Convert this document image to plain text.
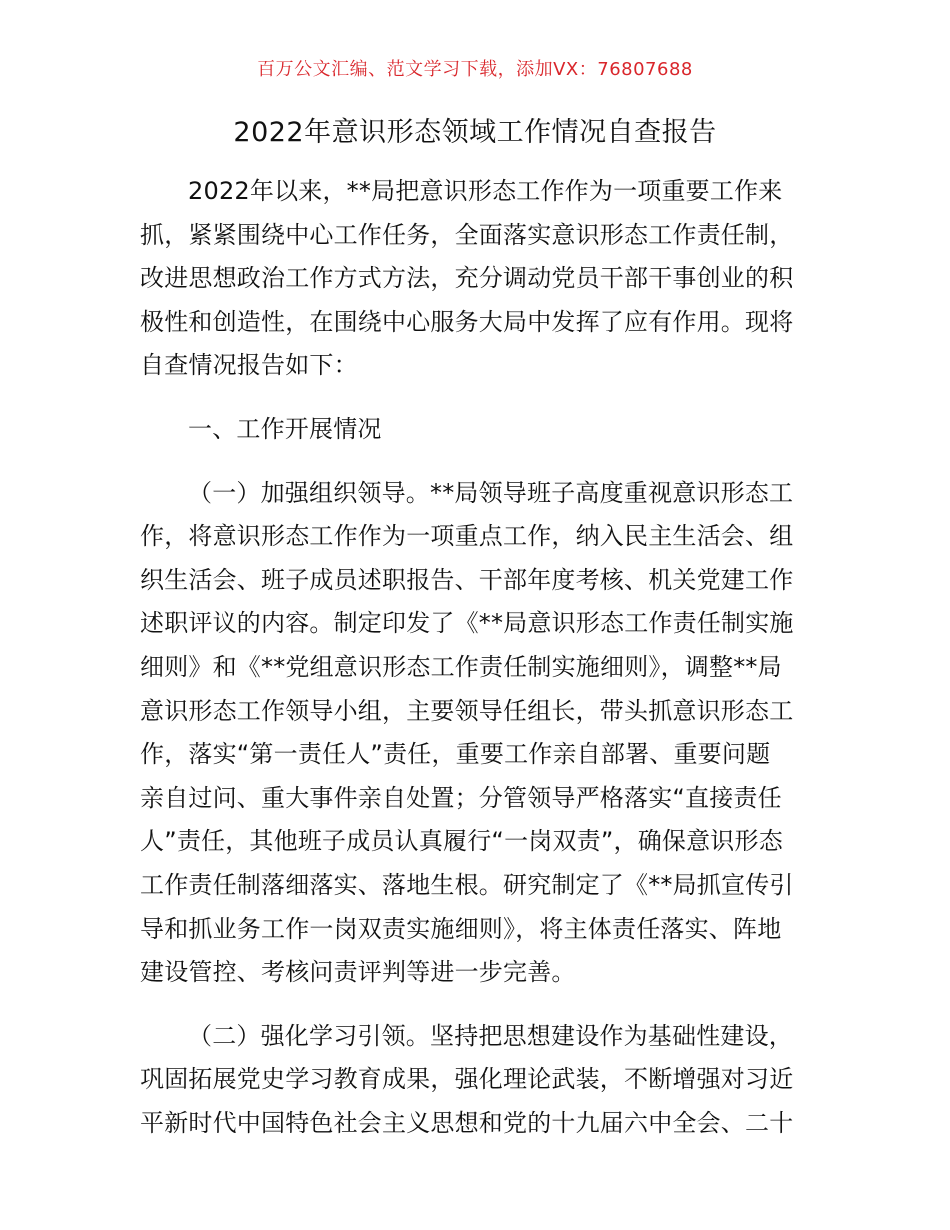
百万公文汇编、范文学习下载，添加VX：76807688
2022年意识形态领域工作情况自查报告
2022年以来，**局把意识形态工作作为一项重要工作来
抓，紧紧围绕中心工作任务，全面落实意识形态工作责任制，
改进思想政治工作方式方法，充分调动党员干部干事创业的积
极性和创造性，在围绕中心服务大局中发挥了应有作用。现将
自查情况报告如下：
一、工作开展情况
（一）加强组织领导。**局领导班子高度重视意识形态工
作，将意识形态工作作为一项重点工作，纳入民主生活会、组
织生活会、班子成员述职报告、干部年度考核、机关党建工作
述职评议的内容。制定印发了《**局意识形态工作责任制实施
细则》和《**党组意识形态工作责任制实施细则》，调整**局
意识形态工作领导小组，主要领导任组长，带头抓意识形态工
作，落实“第一责任人”责任，重要工作亲自部署、重要问题
亲自过问、重大事件亲自处置；分管领导严格落实“直接责任
人”责任，其他班子成员认真履行“一岗双责”，确保意识形态
工作责任制落细落实、落地生根。研究制定了《**局抓宣传引
导和抓业务工作一岗双责实施细则》，将主体责任落实、阵地
建设管控、考核问责评判等进一步完善。
（二）强化学习引领。坚持把思想建设作为基础性建设，
巩固拓展党史学习教育成果，强化理论武装，不断增强对习近
平新时代中国特色社会主义思想和党的十九届六中全会、二十
